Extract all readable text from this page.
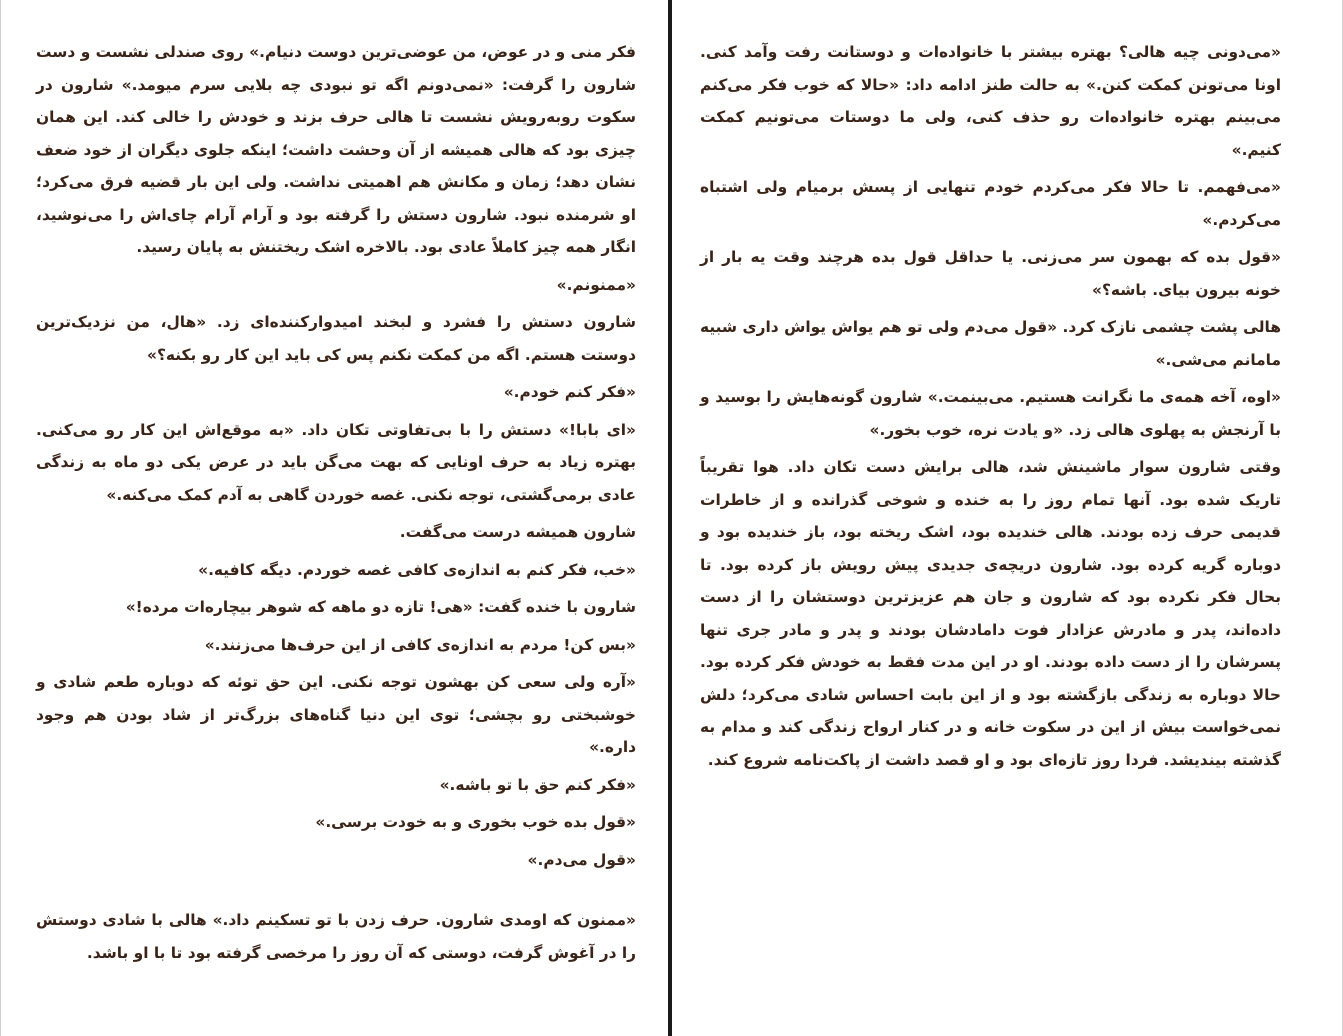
فکر منی و در عوض، من عوضی‌ترین دوست دنیام.» روی صندلی نشست و دست شارون را گرفت: «نمی‌دونم اگه تو نبودی چه بلایی سرم میومد.» شارون در سکوت روبه‌رویش نشست تا هالی حرف بزند و خودش را خالی کند. این همان چیزی بود که هالی همیشه از آن وحشت داشت؛ اینکه جلوی دیگران از خود ضعف نشان دهد؛ زمان و مکانش هم اهمیتی نداشت. ولی این بار قضیه فرق می‌کرد؛ او شرمنده نبود. شارون دستش را گرفته بود و آرام آرام چای‌اش را می‌نوشید، انگار همه چیز کاملاً عادی بود. بالاخره اشک ریختنش به پایان رسید.

«ممنونم.»

شارون دستش را فشرد و لبخند امیدوارکننده‌ای زد. «هال، من نزدیک‌ترین دوستت هستم. اگه من کمکت نکنم پس کی باید این کار رو بکنه؟»

«فکر کنم خودم.»

«ای بابا!» دستش را با بی‌تفاوتی تکان داد. «به موقع‌اش این کار رو می‌کنی. بهتره زیاد به حرف اونایی که بهت می‌گن باید در عرض یکی دو ماه به زندگی عادی برمی‌گشتی، توجه نکنی. غصه خوردن گاهی به آدم کمک می‌کنه.»

شارون همیشه درست می‌گفت.

«خب، فکر کنم به اندازه‌ی کافی غصه خوردم. دیگه کافیه.»

شارون با خنده گفت: «هی! تازه دو ماهه که شوهر بیچاره‌ات مرده!»

«بس کن! مردم به اندازه‌ی کافی از این حرف‌ها می‌زنند.»

«آره ولی سعی کن بهشون توجه نکنی. این حق توئه که دوباره طعم شادی و خوشبختی رو بچشی؛ توی این دنیا گناه‌های بزرگ‌تر از شاد بودن هم وجود داره.»

«فکر کنم حق با تو باشه.»

«قول بده خوب بخوری و به خودت برسی.»

«قول می‌دم.»

«ممنون که اومدی شارون. حرف زدن با تو تسکینم داد.» هالی با شادی دوستش را در آغوش گرفت، دوستی که آن روز را مرخصی گرفته بود تا با او باشد.

«می‌دونی چیه هالی؟ بهتره بیشتر با خانواده‌ات و دوستانت رفت وآمد کنی. اونا می‌تونن کمکت کنن.» به حالت طنز ادامه داد: «حالا که خوب فکر می‌کنم می‌بینم بهتره خانواده‌ات رو حذف کنی، ولی ما دوستات می‌تونیم کمکت کنیم.»

«می‌فهمم. تا حالا فکر می‌کردم خودم تنهایی از پسش برمیام ولی اشتباه می‌کردم.»

«قول بده که بهمون سر می‌زنی. یا حداقل قول بده هرچند وقت یه بار از خونه بیرون بیای. باشه؟»

هالی پشت چشمی نازک کرد. «قول می‌دم ولی تو هم یواش یواش داری شبیه مامانم می‌شی.»

«اوه، آخه همه‌ی ما نگرانت هستیم. می‌بینمت.» شارون گونه‌هایش را بوسید و با آرنجش به پهلوی هالی زد. «و یادت نره، خوب بخور.»

وقتی شارون سوار ماشینش شد، هالی برایش دست تکان داد. هوا تقریباً تاریک شده بود. آنها تمام روز را به خنده و شوخی گذرانده و از خاطرات قدیمی حرف زده بودند. هالی خندیده بود، اشک ریخته بود، باز خندیده بود و دوباره گریه کرده بود. شارون دریچه‌ی جدیدی پیش رویش باز کرده بود. تا بحال فکر نکرده بود که شارون و جان هم عزیزترین دوستشان را از دست داده‌اند، پدر و مادرش عزادار فوت دامادشان بودند و پدر و مادر جری تنها پسرشان را از دست داده بودند. او در این مدت فقط به خودش فکر کرده بود. حالا دوباره به زندگی بازگشته بود و از این بابت احساس شادی می‌کرد؛ دلش نمی‌خواست بیش از این در سکوت خانه و در کنار ارواح زندگی کند و مدام به گذشته بیندیشد. فردا روز تازه‌ای بود و او قصد داشت از پاکت‌نامه شروع کند.
